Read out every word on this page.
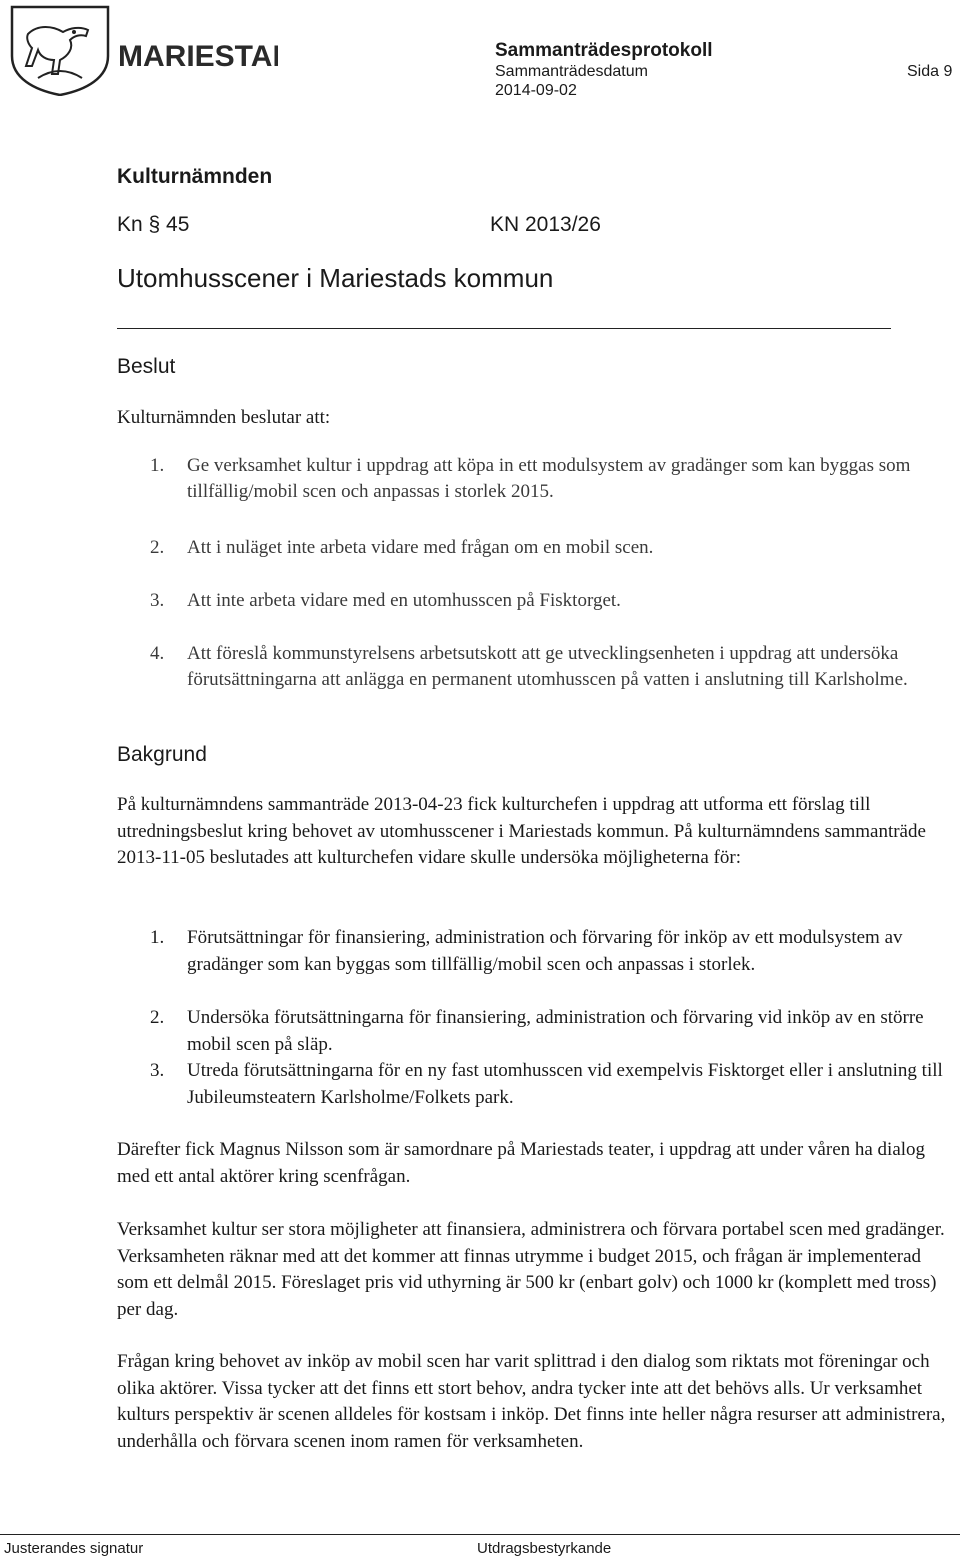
MARIESTAD	Sammanträdesprotokoll
Sammanträdesdatum
2014-09-02
Sida 9
Kulturnämnden
Kn § 45	KN 2013/26
Utomhusscener i Mariestads kommun
Beslut
Kulturnämnden beslutar att:
1. Ge verksamhet kultur i uppdrag att köpa in ett modulsystem av gradänger som kan byggas som tillfällig/mobil scen och anpassas i storlek 2015.
2. Att i nuläget inte arbeta vidare med frågan om en mobil scen.
3. Att inte arbeta vidare med en utomhusscen på Fisktorget.
4. Att föreslå kommunstyrelsens arbetsutskott att ge utvecklingsenheten i uppdrag att undersöka förutsättningarna att anlägga en permanent utomhusscen på vatten i anslutning till Karlsholme.
Bakgrund
På kulturnämndens sammanträde 2013-04-23 fick kulturchefen i uppdrag att utforma ett förslag till utredningsbeslut kring behovet av utomhusscener i Mariestads kommun. På kulturnämndens sammanträde 2013-11-05 beslutades att kulturchefen vidare skulle undersöka möjligheterna för:
1. Förutsättningar för finansiering, administration och förvaring för inköp av ett modulsystem av gradänger som kan byggas som tillfällig/mobil scen och anpassas i storlek.
2. Undersöka förutsättningarna för finansiering, administration och förvaring vid inköp av en större mobil scen på släp.
3. Utreda förutsättningarna för en ny fast utomhusscen vid exempelvis Fisktorget eller i anslutning till Jubileumsteatern Karlsholme/Folkets park.
Därefter fick Magnus Nilsson som är samordnare på Mariestads teater, i uppdrag att under våren ha dialog med ett antal aktörer kring scenfrågan.
Verksamhet kultur ser stora möjligheter att finansiera, administrera och förvara portabel scen med gradänger. Verksamheten räknar med att det kommer att finnas utrymme i budget 2015, och frågan är implementerad som ett delmål 2015. Föreslaget pris vid uthyrning är 500 kr (enbart golv) och 1000 kr (komplett med tross) per dag.
Frågan kring behovet av inköp av mobil scen har varit splittrad i den dialog som riktats mot föreningar och olika aktörer. Vissa tycker att det finns ett stort behov, andra tycker inte att det behövs alls. Ur verksamhet kulturs perspektiv är scenen alldeles för kostsam i inköp. Det finns inte heller några resurser att administrera, underhålla och förvara scenen inom ramen för verksamheten.
Justerandes signatur	Utdragsbestyrkande
